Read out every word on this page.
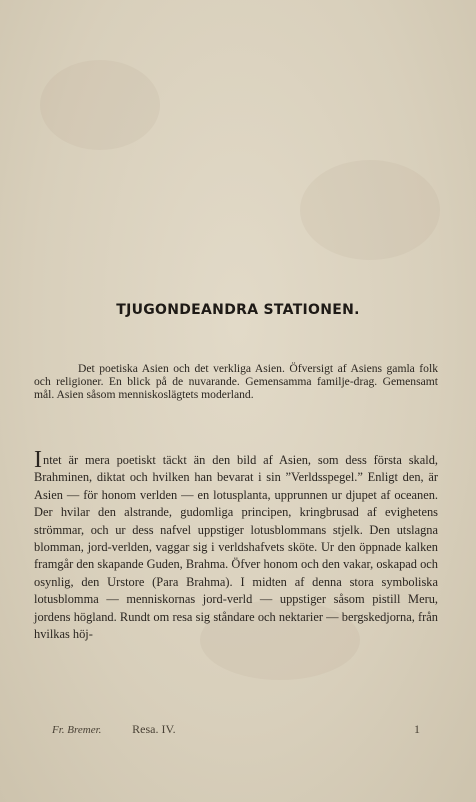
TJUGONDEANDRA STATIONEN.
Det poetiska Asien och det verkliga Asien. Öfversigt af Asiens gamla folk och religioner. En blick på de nuvarande. Gemensamma familje-drag. Gemensamt mål. Asien såsom menniskoslägtets moderland.
Intet är mera poetiskt täckt än den bild af Asien, som dess första skald, Brahminen, diktat och hvilken han bevarat i sin ”Verldsspegel.” Enligt den, är Asien — för honom verlden — en lotusplanta, upprunnen ur djupet af oceanen. Der hvilar den alstrande, gudomliga principen, kringbrusad af evighetens strömmar, och ur dess nafvel uppstiger lotusblommans stjelk. Den utslagna blomman, jord-verlden, vaggar sig i verldshafvets sköte. Ur den öppnade kalken framgår den skapande Guden, Brahma. Öfver honom och den vakar, oskapad och osynlig, den Urstore (Para Brahma). I midten af denna stora symboliska lotusblomma — menniskornas jord-verld — uppstiger såsom pistill Meru, jordens högland. Rundt om resa sig ståndare och nektarier — bergskedjorna, från hvilkas höj-
Fr. Bremer.	Resa. IV.	1
